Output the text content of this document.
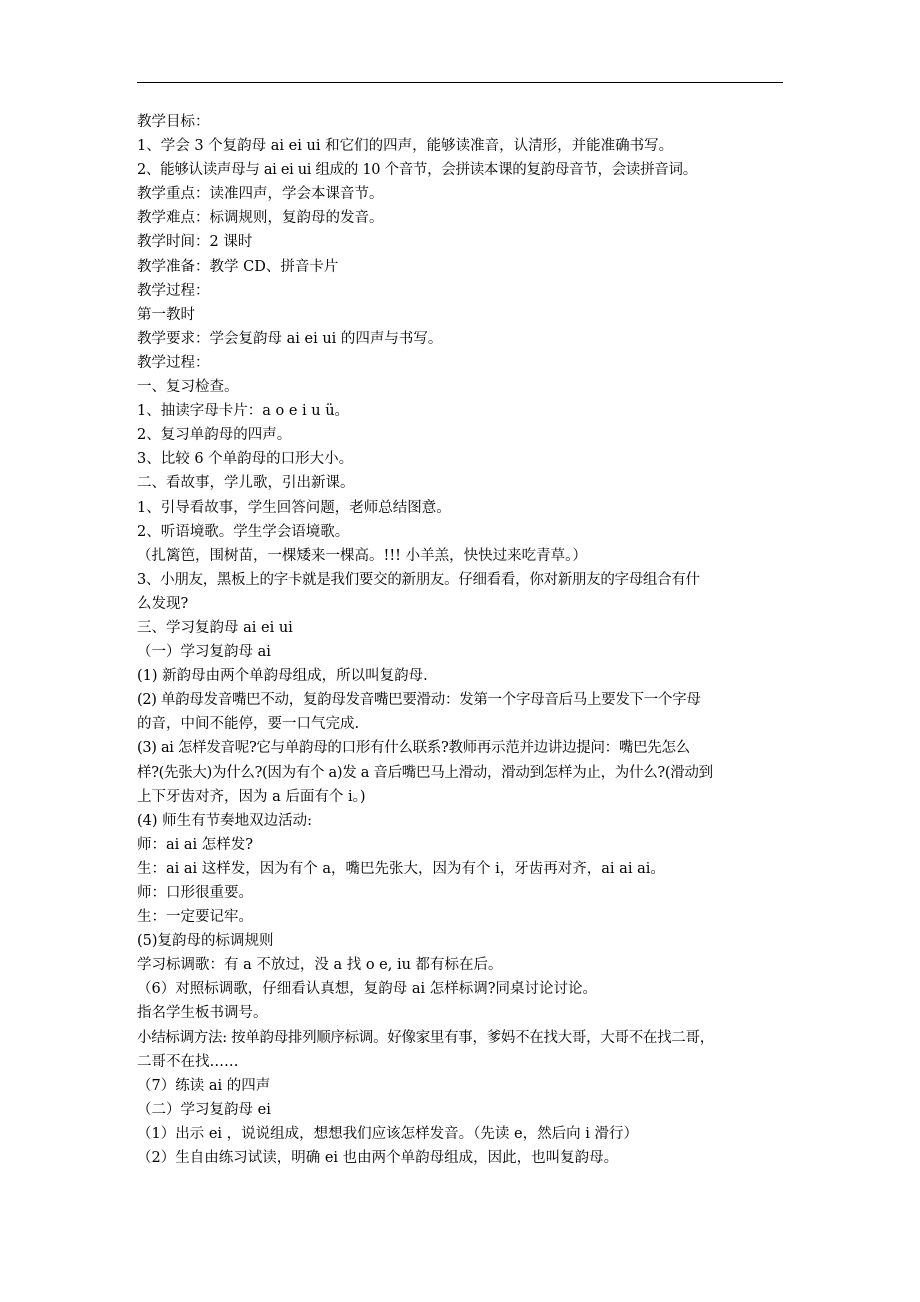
教学目标：
1、学会 3 个复韵母 ai ei ui 和它们的四声，能够读准音，认清形，并能准确书写。
2、能够认读声母与 ai ei ui 组成的 10 个音节，会拼读本课的复韵母音节，会读拼音词。
教学重点：读准四声，学会本课音节。
教学难点：标调规则，复韵母的发音。
教学时间：2 课时
教学准备：教学 CD、拼音卡片
教学过程：
第一教时
教学要求：学会复韵母 ai ei ui 的四声与书写。
教学过程：
一、复习检查。
1、抽读字母卡片：a o e i u ü。
2、复习单韵母的四声。
3、比较 6 个单韵母的口形大小。
二、看故事，学儿歌，引出新课。
1、引导看故事，学生回答问题，老师总结图意。
2、听语境歌。学生学会语境歌。
（扎篱笆，围树苗，一棵矮来一棵高。!!! 小羊羔，快快过来吃青草。）
3、小朋友，黑板上的字卡就是我们要交的新朋友。仔细看看，你对新朋友的字母组合有什
么发现?
三、学习复韵母 ai ei ui
（一）学习复韵母 ai
(1) 新韵母由两个单韵母组成，所以叫复韵母.
(2) 单韵母发音嘴巴不动，复韵母发音嘴巴要滑动：发第一个字母音后马上要发下一个字母
的音，中间不能停，要一口气完成.
(3) ai 怎样发音呢?它与单韵母的口形有什么联系?教师再示范并边讲边提问：嘴巴先怎么
样?(先张大)为什么?(因为有个 a)发 a 音后嘴巴马上滑动，滑动到怎样为止，为什么?(滑动到
上下牙齿对齐，因为 a 后面有个 i。)
(4) 师生有节奏地双边活动:
师：ai ai 怎样发?
生：ai ai 这样发，因为有个 a，嘴巴先张大，因为有个 i，牙齿再对齐，ai ai ai。
师：口形很重要。
生：一定要记牢。
(5)复韵母的标调规则
学习标调歌：有 a 不放过，没 a 找 o e, iu 都有标在后。
（6）对照标调歌，仔细看认真想，复韵母 ai 怎样标调?同桌讨论讨论。
指名学生板书调号。
小结标调方法: 按单韵母排列顺序标调。好像家里有事，爹妈不在找大哥，大哥不在找二哥，
二哥不在找……
（7）练读 ai 的四声
（二）学习复韵母 ei
（1）出示 ei ，说说组成，想想我们应该怎样发音。（先读 e，然后向 i 滑行）
（2）生自由练习试读，明确 ei 也由两个单韵母组成，因此，也叫复韵母。
